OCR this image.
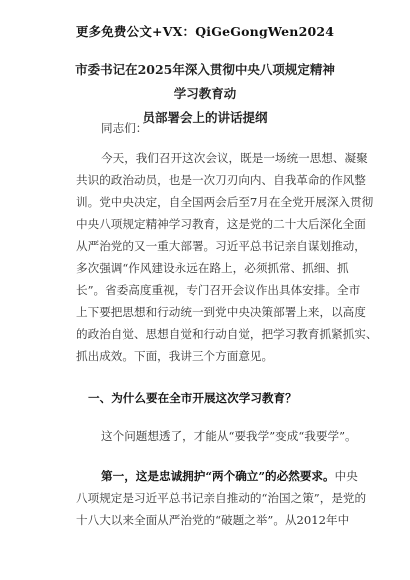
更多免费公文+VX：QiGeGongWen2024
市委书记在2025年深入贯彻中央八项规定精神学习教育动
员部署会上的讲话提纲
同志们：
今天，我们召开这次会议，既是一场统一思想、凝聚
共识的政治动员，也是一次刀刃向内、自我革命的作风整
训。党中央决定，自全国两会后至7月在全党开展深入贯彻
中央八项规定精神学习教育，这是党的二十大后深化全面
从严治党的又一重大部署。习近平总书记亲自谋划推动，
多次强调“作风建设永远在路上，必须抓常、抓细、抓
长”。省委高度重视，专门召开会议作出具体安排。全市
上下要把思想和行动统一到党中央决策部署上来，以高度
的政治自觉、思想自觉和行动自觉，把学习教育抓紧抓实、
抓出成效。下面，我讲三个方面意见。
一、为什么要在全市开展这次学习教育？
这个问题想透了，才能从“要我学”变成“我要学”。
第一，这是忠诚拥护“两个确立”的必然要求。中央
八项规定是习近平总书记亲自推动的“治国之策”，是党的
十八大以来全面从严治党的“破题之举”。从2012年中
